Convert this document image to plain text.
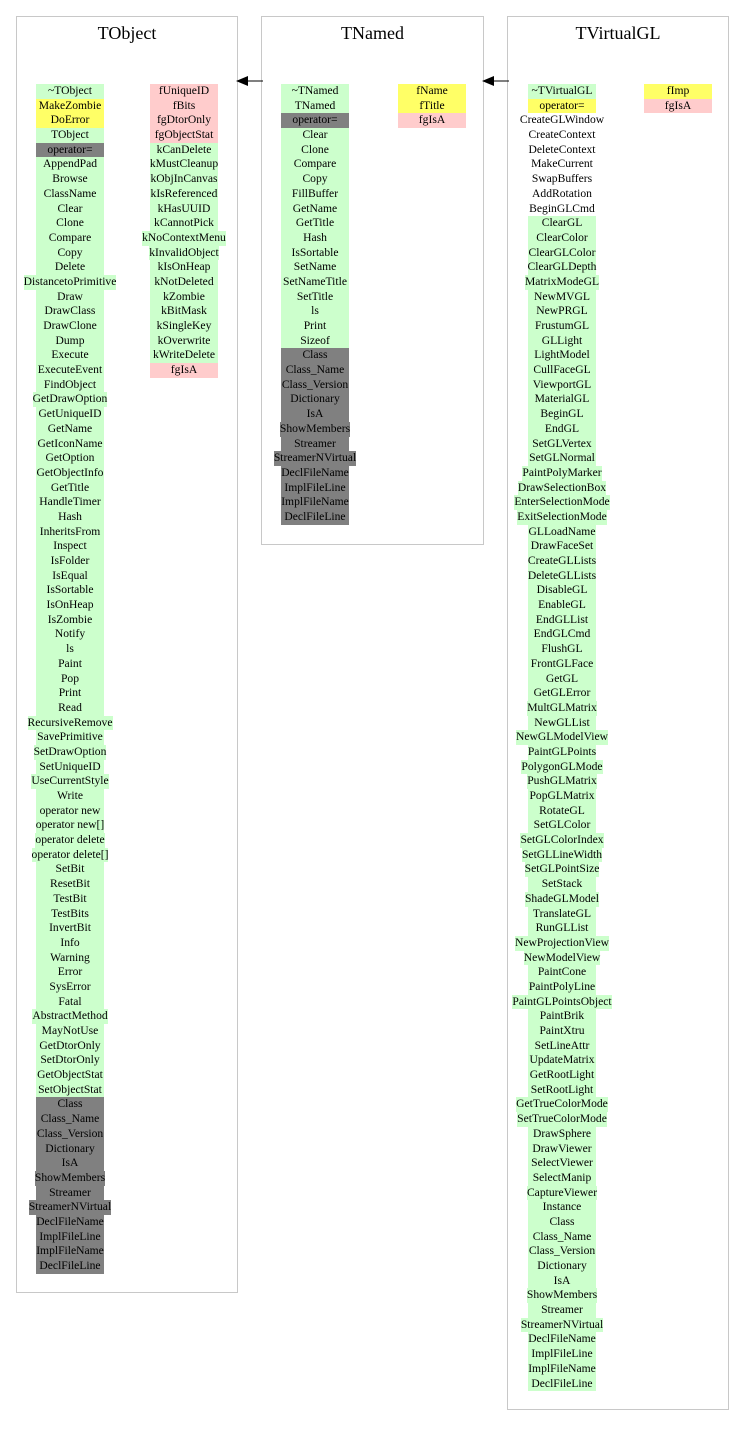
TObject
~TObject
MakeZombie
DoError
TObject
operator=
AppendPad
Browse
ClassName
Clear
Clone
Compare
Copy
Delete
DistancetoPrimitive
Draw
DrawClass
DrawClone
Dump
Execute
ExecuteEvent
FindObject
GetDrawOption
GetUniqueID
GetName
GetIconName
GetOption
GetObjectInfo
GetTitle
HandleTimer
Hash
InheritsFrom
Inspect
IsFolder
IsEqual
IsSortable
IsOnHeap
IsZombie
Notify
ls
Paint
Pop
Print
Read
RecursiveRemove
SavePrimitive
SetDrawOption
SetUniqueID
UseCurrentStyle
Write
operator new
operator new[]
operator delete
operator delete[]
SetBit
ResetBit
TestBit
TestBits
InvertBit
Info
Warning
Error
SysError
Fatal
AbstractMethod
MayNotUse
GetDtorOnly
SetDtorOnly
GetObjectStat
SetObjectStat
Class
Class_Name
Class_Version
Dictionary
IsA
ShowMembers
Streamer
StreamerNVirtual
DeclFileName
ImplFileLine
ImplFileName
DeclFileLine
fUniqueID
fBits
fgDtorOnly
fgObjectStat
kCanDelete
kMustCleanup
kObjInCanvas
kIsReferenced
kHasUUID
kCannotPick
kNoContextMenu
kInvalidObject
kIsOnHeap
kNotDeleted
kZombie
kBitMask
kSingleKey
kOverwrite
kWriteDelete
fgIsA
TNamed
~TNamed
TNamed
operator=
Clear
Clone
Compare
Copy
FillBuffer
GetName
GetTitle
Hash
IsSortable
SetName
SetNameTitle
SetTitle
ls
Print
Sizeof
Class
Class_Name
Class_Version
Dictionary
IsA
ShowMembers
Streamer
StreamerNVirtual
DeclFileName
ImplFileLine
ImplFileName
DeclFileLine
fName
fTitle
fgIsA
TVirtualGL
~TVirtualGL
operator=
CreateGLWindow
CreateContext
DeleteContext
MakeCurrent
SwapBuffers
AddRotation
BeginGLCmd
ClearGL
ClearColor
ClearGLColor
ClearGLDepth
MatrixModeGL
NewMVGL
NewPRGL
FrustumGL
GLLight
LightModel
CullFaceGL
ViewportGL
MaterialGL
BeginGL
EndGL
SetGLVertex
SetGLNormal
PaintPolyMarker
DrawSelectionBox
EnterSelectionMode
ExitSelectionMode
GLLoadName
DrawFaceSet
CreateGLLists
DeleteGLLists
DisableGL
EnableGL
EndGLList
EndGLCmd
FlushGL
FrontGLFace
GetGL
GetGLError
MultGLMatrix
NewGLList
NewGLModelView
PaintGLPoints
PolygonGLMode
PushGLMatrix
PopGLMatrix
RotateGL
SetGLColor
SetGLColorIndex
SetGLLineWidth
SetGLPointSize
SetStack
ShadeGLModel
TranslateGL
RunGLList
NewProjectionView
NewModelView
PaintCone
PaintPolyLine
PaintGLPointsObject
PaintBrik
PaintXtru
SetLineAttr
UpdateMatrix
GetRootLight
SetRootLight
GetTrueColorMode
SetTrueColorMode
DrawSphere
DrawViewer
SelectViewer
SelectManip
CaptureViewer
Instance
Class
Class_Name
Class_Version
Dictionary
IsA
ShowMembers
Streamer
StreamerNVirtual
DeclFileName
ImplFileLine
ImplFileName
DeclFileLine
fImp
fgIsA
